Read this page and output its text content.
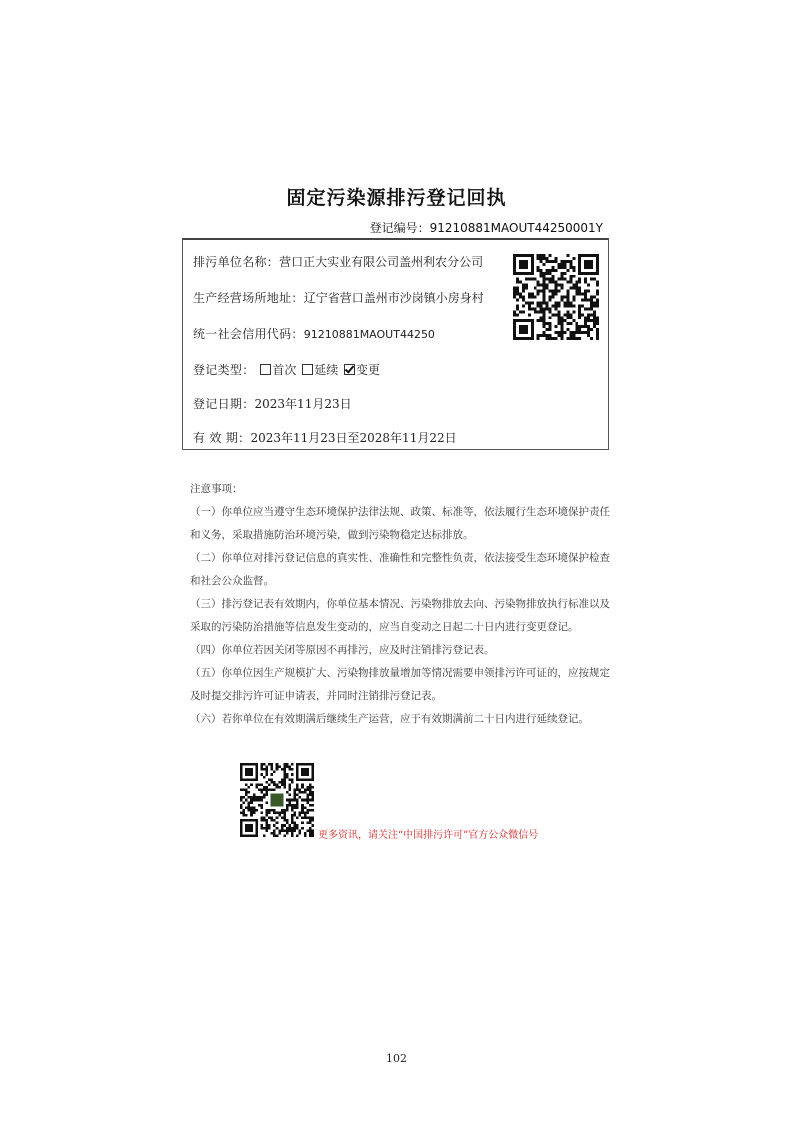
固定污染源排污登记回执
登记编号：91210881MAOUT44250001Y
排污单位名称：营口正大实业有限公司盖州利农分公司
生产经营场所地址：辽宁省营口盖州市沙岗镇小房身村
统一社会信用代码：91210881MAOUT44250
登记类型： 首次 延续 变更
登记日期：2023年11月23日
有 效 期：2023年11月23日至2028年11月22日

注意事项：

（一）你单位应当遵守生态环境保护法律法规、政策、标准等，依法履行生态环境保护责任和义务，采取措施防治环境污染，做到污染物稳定达标排放。

（二）你单位对排污登记信息的真实性、准确性和完整性负责，依法接受生态环境保护检查和社会公众监督。

（三）排污登记表有效期内，你单位基本情况、污染物排放去向、污染物排放执行标准以及采取的污染防治措施等信息发生变动的，应当自变动之日起二十日内进行变更登记。

（四）你单位若因关闭等原因不再排污，应及时注销排污登记表。

（五）你单位因生产规模扩大、污染物排放量增加等情况需要申领排污许可证的，应按规定及时提交排污许可证申请表，并同时注销排污登记表。

（六）若你单位在有效期满后继续生产运营，应于有效期满前二十日内进行延续登记。

更多资讯，请关注“中国排污许可”官方公众微信号
102
